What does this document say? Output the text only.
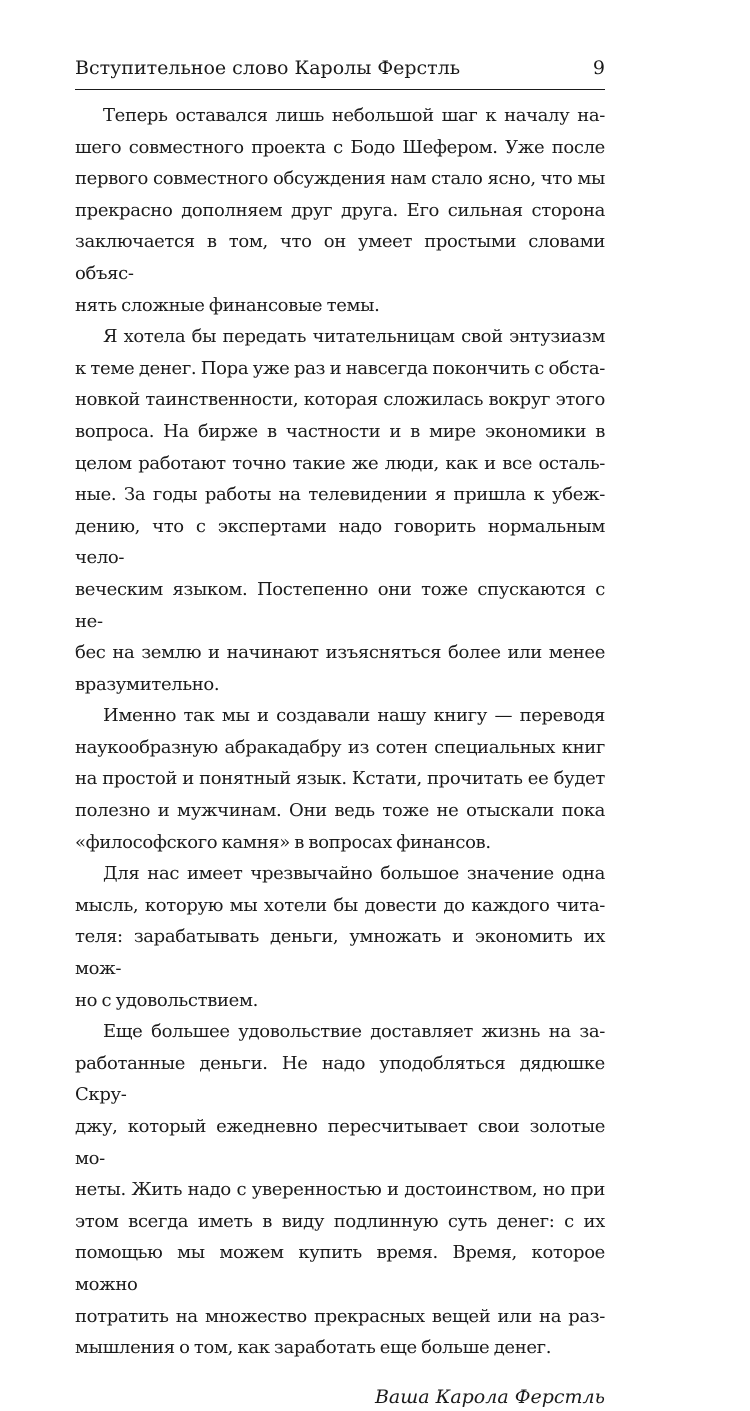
Вступительное слово Каролы Ферстль	9

Теперь оставался лишь небольшой шаг к началу на-
шего совместного проекта с Бодо Шефером. Уже после
первого совместного обсуждения нам стало ясно, что мы
прекрасно дополняем друг друга. Его сильная сторона
заключается в том, что он умеет простыми словами объяс-
нять сложные финансовые темы.

Я хотела бы передать читательницам свой энтузиазм
к теме денег. Пора уже раз и навсегда покончить с обста-
новкой таинственности, которая сложилась вокруг этого
вопроса. На бирже в частности и в мире экономики в
целом работают точно такие же люди, как и все осталь-
ные. За годы работы на телевидении я пришла к убеж-
дению, что с экспертами надо говорить нормальным чело-
веческим языком. Постепенно они тоже спускаются с не-
бес на землю и начинают изъясняться более или менее
вразумительно.

Именно так мы и создавали нашу книгу — переводя
наукообразную абракадабру из сотен специальных книг
на простой и понятный язык. Кстати, прочитать ее будет
полезно и мужчинам. Они ведь тоже не отыскали пока
«философского камня» в вопросах финансов.

Для нас имеет чрезвычайно большое значение одна
мысль, которую мы хотели бы довести до каждого чита-
теля: зарабатывать деньги, умножать и экономить их мож-
но с удовольствием.

Еще большее удовольствие доставляет жизнь на за-
работанные деньги. Не надо уподобляться дядюшке Скру-
джу, который ежедневно пересчитывает свои золотые мо-
неты. Жить надо с уверенностью и достоинством, но при
этом всегда иметь в виду подлинную суть денег: с их
помощью мы можем купить время. Время, которое можно
потратить на множество прекрасных вещей или на раз-
мышления о том, как заработать еще больше денег.

Ваша Карола Ферстль
